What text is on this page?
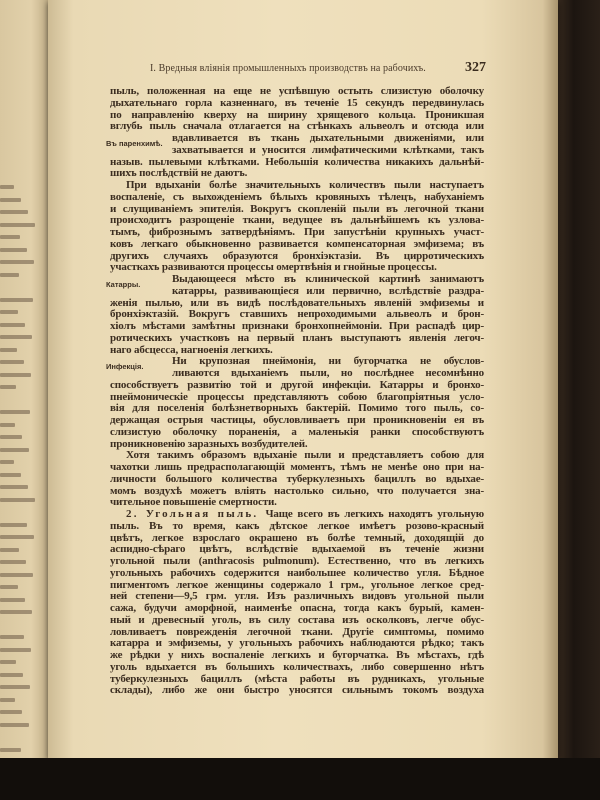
I. Вредныя вліянія промышленныхъ производствъ на рабочихъ.	327
Въ паренхимѣ.
пыль, положенная на еще не успѣвшую остыть слизистую оболочку
дыхательнаго горла казненнаго, въ теченіе 15 секундъ передвинулась
по направленію кверху на ширину хрящевого кольца. Проникшая
вглубь пыль сначала отлагается на стѣнкахъ альвеолъ и отсюда или
вдавливается въ ткань дыхательными движеніями, или
захватывается и уносится лимфатическими клѣтками, такъ
назыв. пылевыми клѣтками. Небольшія количества никакихъ дальнѣй-
шихъ послѣдствій не даютъ.
При вдыханіи болѣе значительныхъ количествъ пыли наступаетъ
воспаленіе, съ выхожденіемъ бѣлыхъ кровяныхъ тѣлецъ, набуханіемъ
и слущиваніемъ эпителія. Вокругъ скопленій пыли въ легочной ткани
происходитъ разрощеніе ткани, ведущее въ дальнѣйшемъ къ узлова-
тымъ, фибрознымъ затвердѣніямъ. При запустѣніи крупныхъ участ-
ковъ легкаго обыкновенно развивается компенсаторная эмфизема; въ
другихъ случаяхъ образуются бронхіэктазіи. Въ цирротическихъ
участкахъ развиваются процессы омертвѣнія и гнойные процессы.
Катарры.	Выдающееся мѣсто въ клинической картинѣ занимаютъ
катарры, развивающіеся или первично, вслѣдствіе раздра-
женія пылью, или въ видѣ послѣдовательныхъ явленій эмфиземы и
бронхіэктазій. Вокругъ ставшихъ непроходимыми альвеолъ и брон-
хіолъ мѣстами замѣтны признаки бронхопнеймоніи. При распадѣ цир-
ротическихъ участковъ на первый планъ выступаютъ явленія легоч-
наго абсцесса, нагноенія легкихъ.
Инфекція.	Ни крупозная пнеймонія, ни бугорчатка не обуслов-
ливаются вдыханіемъ пыли, но послѣднее несомнѣнно
способствуетъ развитію той и другой инфекціи. Катарры и бронхо-
пнеймоническіе процессы представляютъ собою благопріятныя усло-
вія для поселенія болѣзнетворныхъ бактерій. Помимо того пыль, со-
держащая острыя частицы, обусловливаетъ при проникновеніи ея въ
слизистую оболочку пораненія, а маленькія ранки способствуютъ
проникновенію заразныхъ возбудителей.
Хотя такимъ образомъ вдыханіе пыли и представляетъ собою для
чахотки лишь предрасполагающій моментъ, тѣмъ не менѣе оно при на-
личности большого количества туберкулезныхъ бациллъ во вдыхае-
момъ воздухѣ можетъ вліять настолько сильно, что получается зна-
чительное повышеніе смертности.
2. Угольная пыль. Чаще всего въ легкихъ находятъ угольную
пыль. Въ то время, какъ дѣтское легкое имѣетъ розово-красный
цвѣтъ, легкое взрослаго окрашено въ болѣе темный, доходящій до
аспидно-сѣраго цвѣтъ, вслѣдствіе вдыхаемой въ теченіе жизни
угольной пыли (anthracosis pulmonum). Естественно, что въ легкихъ
угольныхъ рабочихъ содержится наибольшее количество угля. Бѣдное
пигментомъ легкое женщины содержало 1 грм., угольное легкое сред-
ней степени—9,5 грм. угля. Изъ различныхъ видовъ угольной пыли
сажа, будучи аморфной, наименѣе опасна, тогда какъ бурый, камен-
ный и древесный уголь, въ силу состава изъ осколковъ, легче обус-
ловливаетъ поврежденія легочной ткани. Другіе симптомы, помимо
катарра и эмфиземы, у угольныхъ рабочихъ наблюдаются рѣдко; такъ
же рѣдки у нихъ воспаленіе легкихъ и бугорчатка. Въ мѣстахъ, гдѣ
уголь вдыхается въ большихъ количествахъ, либо совершенно нѣтъ
туберкулезныхъ бациллъ (мѣста работы въ рудникахъ, угольные
склады), либо же они быстро уносятся сильнымъ токомъ воздуха
